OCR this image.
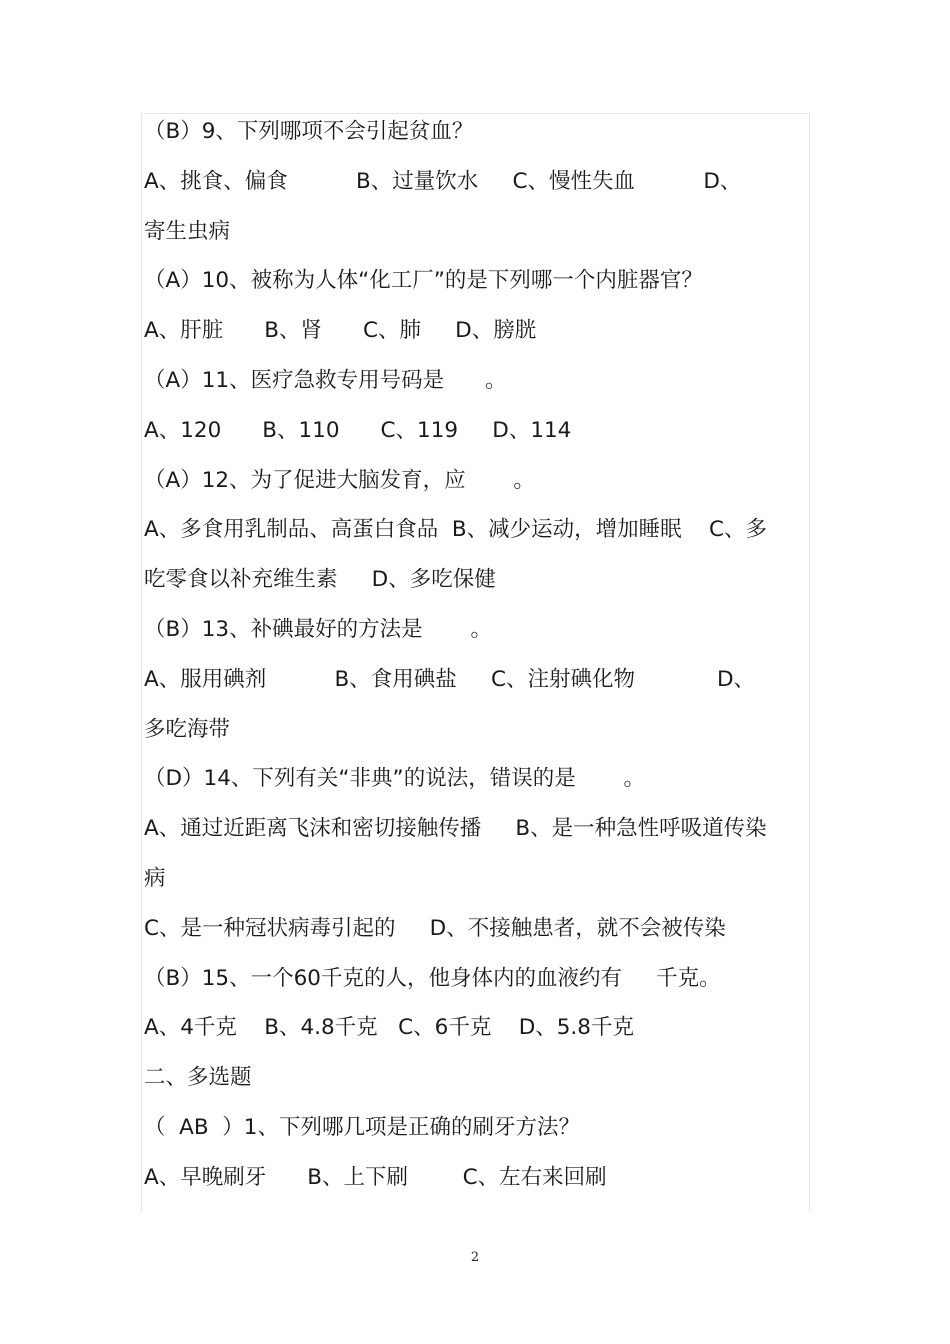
（B）9、下列哪项不会引起贫血？
A、挑食、偏食          B、过量饮水     C、慢性失血          D、
寄生虫病
（A）10、被称为人体“化工厂”的是下列哪一个内脏器官？
A、肝脏      B、肾      C、肺     D、膀胱
（A）11、医疗急救专用号码是      。
A、120      B、110      C、119     D、114
（A）12、为了促进大脑发育，应       。
A、多食用乳制品、高蛋白食品  B、减少运动，增加睡眠    C、多
吃零食以补充维生素     D、多吃保健
（B）13、补碘最好的方法是       。
A、服用碘剂          B、食用碘盐     C、注射碘化物            D、
多吃海带
（D）14、下列有关“非典”的说法，错误的是       。
A、通过近距离飞沫和密切接触传播     B、是一种急性呼吸道传染
病
C、是一种冠状病毒引起的     D、不接触患者，就不会被传染
（B）15、一个60千克的人，他身体内的血液约有     千克。
A、4千克    B、4.8千克   C、6千克    D、5.8千克
二、多选题
（  AB  ）1、下列哪几项是正确的刷牙方法？
A、早晚刷牙      B、上下刷        C、左右来回刷
2
